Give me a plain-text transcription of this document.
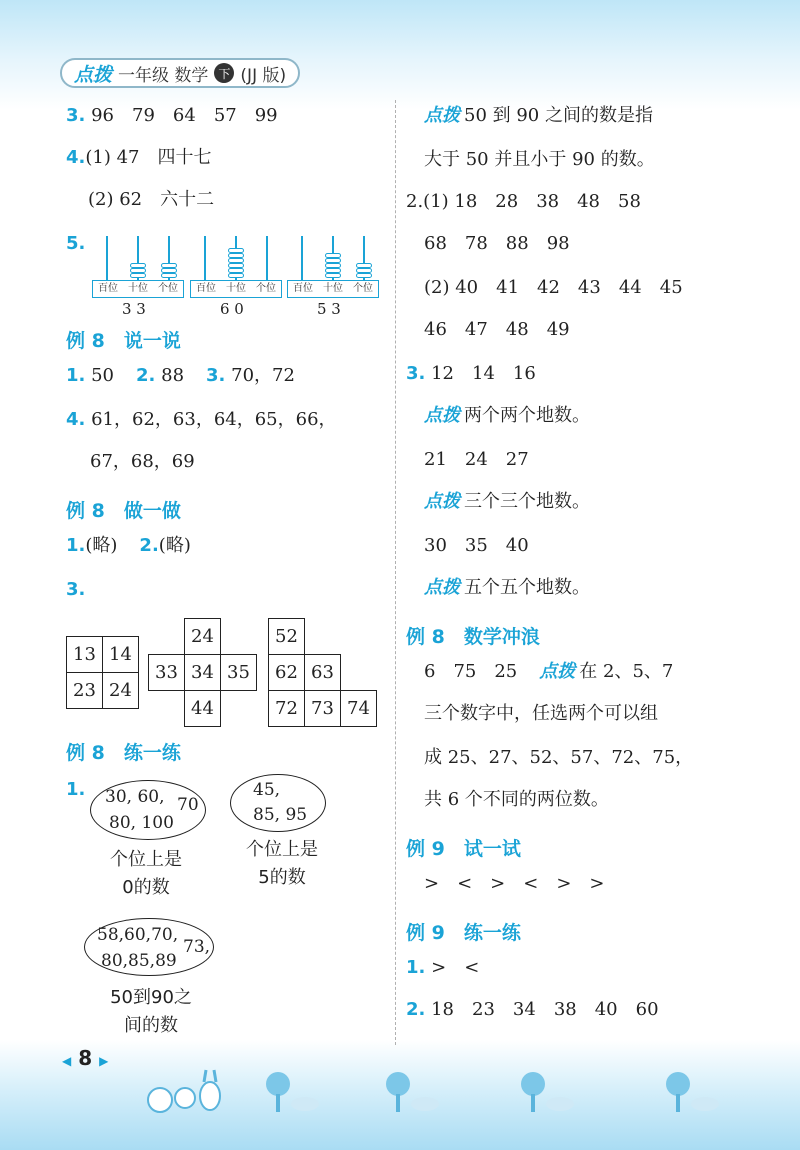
点拨 一年级 数学 下 (JJ 版)
3. 96　79　64　57　99
4.(1) 47　四十七
(2) 62　六十二
5.
百位	十位	个位
3 3
百位	十位	个位
6 0
百位	十位	个位
5 3
例 8　说一说
1. 50 2. 88 3. 70，72
4. 61，62，63，64，65，66，
67，68，69
例 8　做一做
1.(略) 2.(略)
3.
13	14
23	24
	24	
33	34	35
	44	
52		
62	63	
72	73	74
例 8　练一练
1. 30, 60, 70
80, 100
个位上是
0的数
45,
85, 95
个位上是
5的数
58,60,70,
73,
80,85,89
50到90之
间的数
点拨 50 到 90 之间的数是指
大于 50 并且小于 90 的数。
2.(1) 18　28　38　48　58
68　78　88　98
(2) 40　41　42　43　44　45
46　47　48　49
3. 12　14　16
点拨 两个两个地数。
21　24　27
点拨 三个三个地数。
30　35　40
点拨 五个五个地数。
例 8　数学冲浪
6　75　25 点拨 在 2、5、7
三个数字中，任选两个可以组
成 25、27、52、57、72、75，
共 6 个不同的两位数。
例 9　试一试
>　<　>　<　>　>
例 9　练一练
1. >　<
2. 18　23　34　38　40　60
◀ 8 ▶
